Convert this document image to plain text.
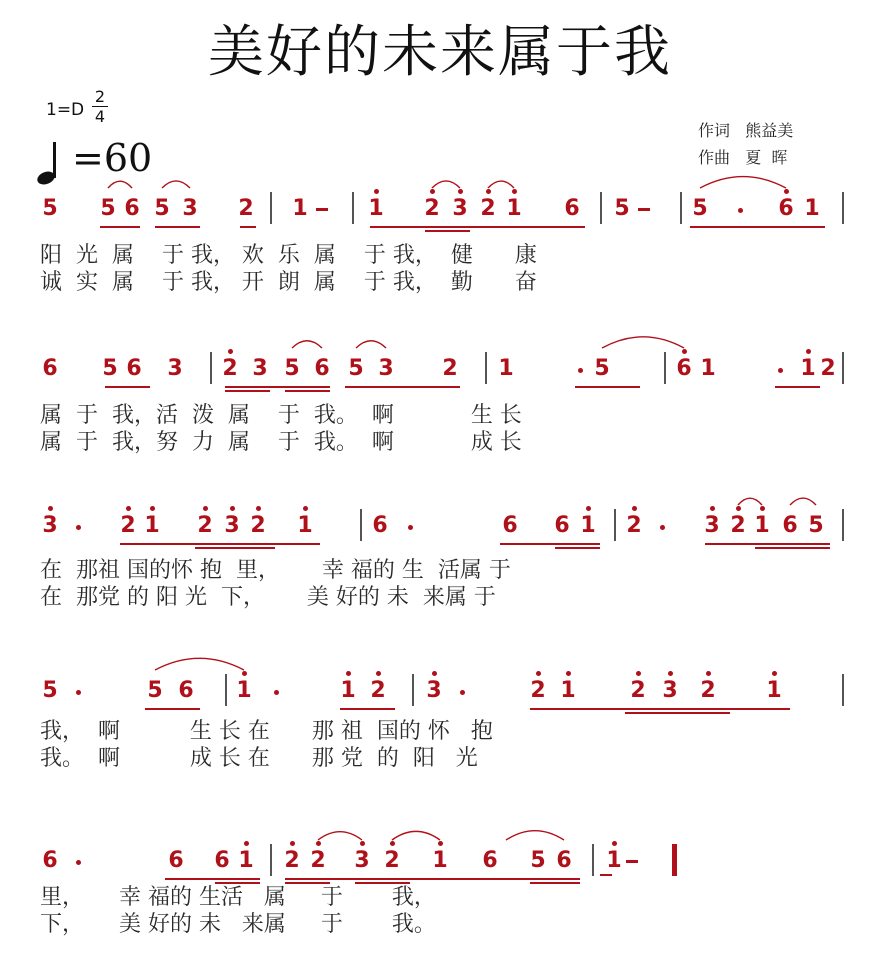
美好的未来属于我
1=D
2
4
=60
作词   熊益美
作曲   夏  晖
5 5 6 5 3 2 1	1 2 3 2 1 6 5	5	6 1
6 5 6 3 2 3 5 6 5 3 2 1	5	6 1	1 2
3	2 1 2 3 2 1	6	6 6 1 2	3 2 1 6 5
5	5 6 1	1 2 3	2 1 2 3 2 1
6	6 6 1 2 2 3 2 1 6 5 6 1
阳  光  属    于 我， 欢  乐  属    于 我，  健      康
诚  实  属    于 我， 开  朗  属    于 我，  勤      奋
属  于  我，活  泼  属    于  我。  啊           生 长
属  于  我，努  力  属    于  我。  啊           成 长
在  那祖 国的怀 抱  里，      幸 福的 生  活属 于
在  那党 的 阳 光  下，      美 好的 未  来属 于
我，  啊          生 长 在      那 祖  国的 怀   抱
我。  啊          成 长 在      那 党  的  阳   光
里，     幸 福的 生活   属     于       我，
下，     美 好的 未   来属     于       我。
